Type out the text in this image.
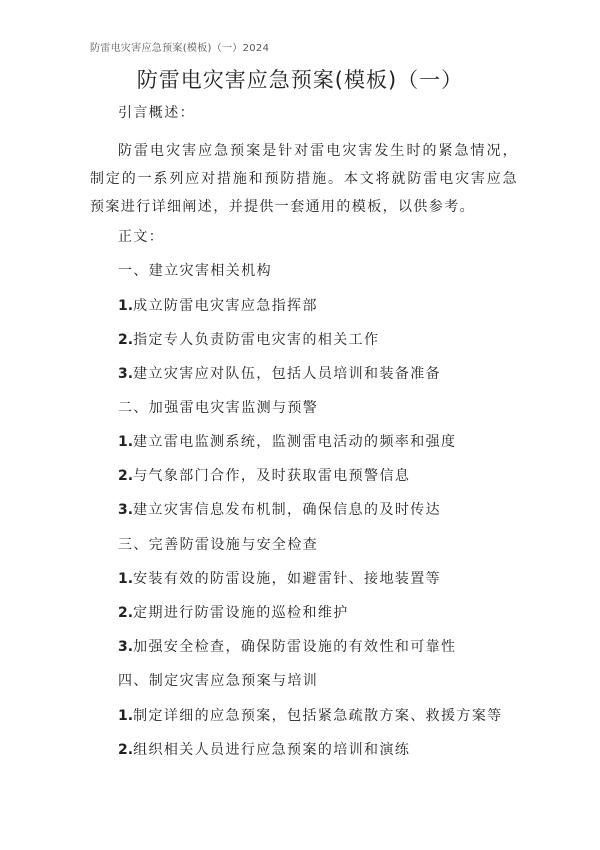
防雷电灾害应急预案(模板)（一）2024
防雷电灾害应急预案(模板)（一）
引言概述：
防雷电灾害应急预案是针对雷电灾害发生时的紧急情况，制定的一系列应对措施和预防措施。本文将就防雷电灾害应急预案进行详细阐述，并提供一套通用的模板，以供参考。
正文：
一、建立灾害相关机构
1.成立防雷电灾害应急指挥部
2.指定专人负责防雷电灾害的相关工作
3.建立灾害应对队伍，包括人员培训和装备准备
二、加强雷电灾害监测与预警
1.建立雷电监测系统，监测雷电活动的频率和强度
2.与气象部门合作，及时获取雷电预警信息
3.建立灾害信息发布机制，确保信息的及时传达
三、完善防雷设施与安全检查
1.安装有效的防雷设施，如避雷针、接地装置等
2.定期进行防雷设施的巡检和维护
3.加强安全检查，确保防雷设施的有效性和可靠性
四、制定灾害应急预案与培训
1.制定详细的应急预案，包括紧急疏散方案、救援方案等
2.组织相关人员进行应急预案的培训和演练
